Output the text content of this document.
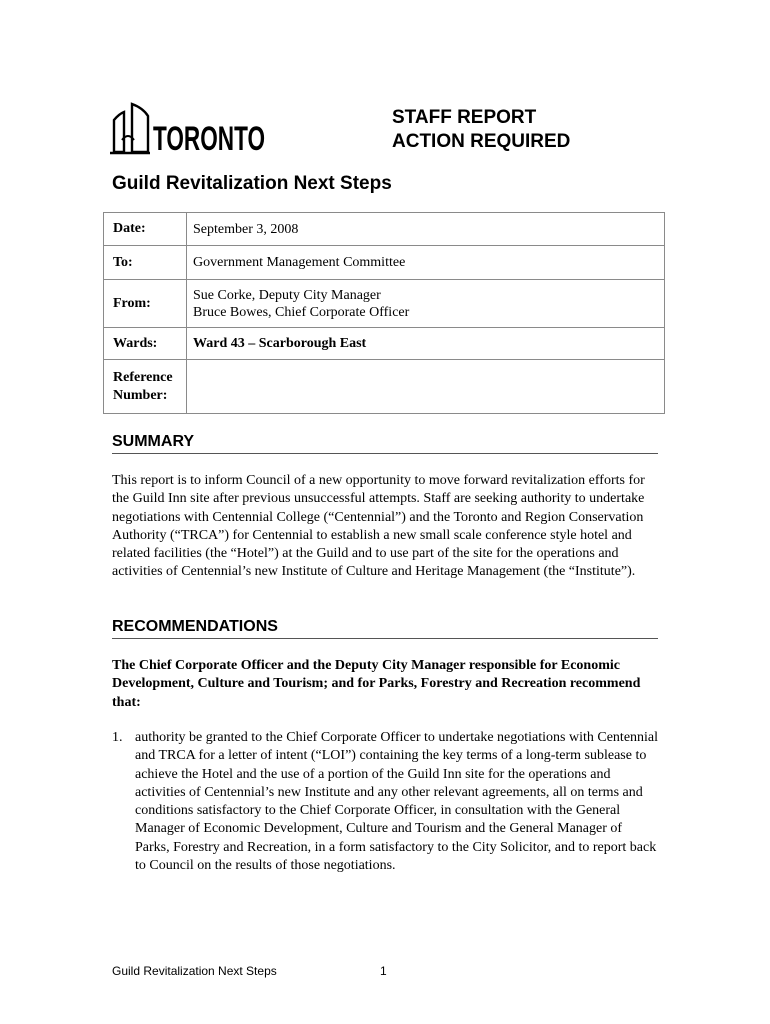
TORONTO
STAFF REPORT
ACTION REQUIRED
Guild Revitalization Next Steps
Date:	September 3, 2008
To:	Government Management Committee
From:	Sue Corke, Deputy City Manager
Bruce Bowes, Chief Corporate Officer

Wards:	Ward 43 – Scarborough East

Reference
Number:	

SUMMARY

This report is to inform Council of a new opportunity to move forward revitalization efforts for the Guild Inn site after previous unsuccessful attempts. Staff are seeking authority to undertake negotiations with Centennial College (“Centennial”) and the Toronto and Region Conservation Authority (“TRCA”) for Centennial to establish a new small scale conference style hotel and related facilities (the “Hotel”) at the Guild and to use part of the site for the operations and activities of Centennial’s new Institute of Culture and Heritage Management (the “Institute”).

RECOMMENDATIONS

The Chief Corporate Officer and the Deputy City Manager responsible for Economic Development, Culture and Tourism; and for Parks, Forestry and Recreation recommend that:

1. authority be granted to the Chief Corporate Officer to undertake negotiations with Centennial and TRCA for a letter of intent (“LOI”) containing the key terms of a long-term sublease to achieve the Hotel and the use of a portion of the Guild Inn site for the operations and activities of Centennial’s new Institute and any other relevant agreements, all on terms and conditions satisfactory to the Chief Corporate Officer, in consultation with the General Manager of Economic Development, Culture and Tourism and the General Manager of Parks, Forestry and Recreation, in a form satisfactory to the City Solicitor, and to report back to Council on the results of those negotiations.
Guild Revitalization Next Steps	1
